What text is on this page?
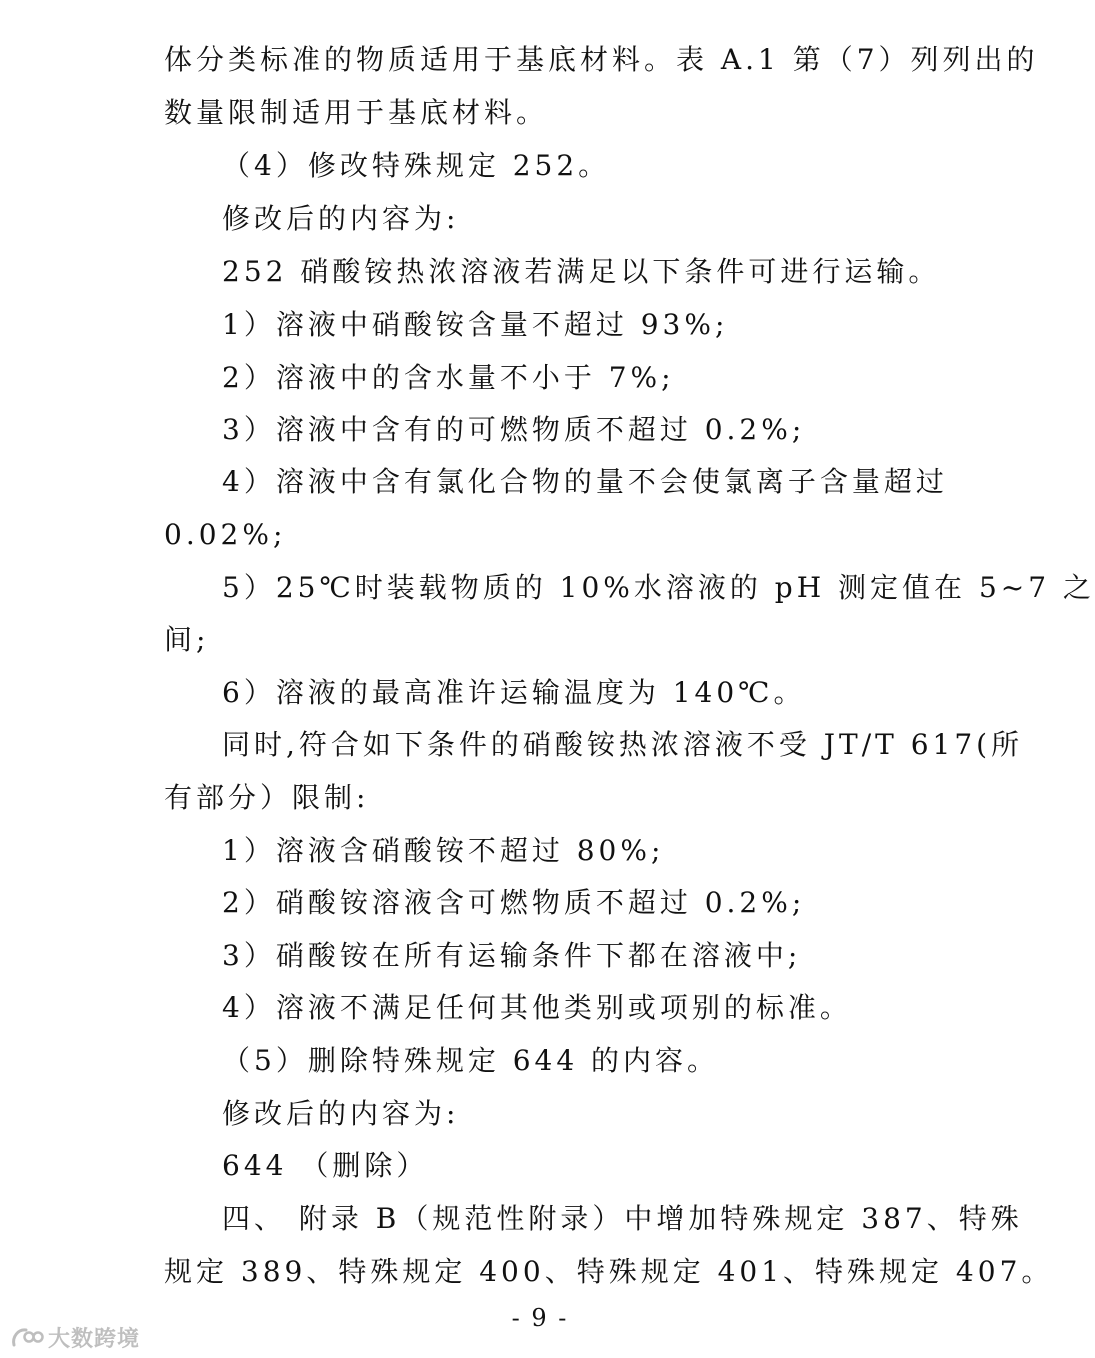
体分类标准的物质适用于基底材料。表 A.1 第（7）列列出的
数量限制适用于基底材料。
（4）修改特殊规定 252。
修改后的内容为:
252 硝酸铵热浓溶液若满足以下条件可进行运输。
1）溶液中硝酸铵含量不超过 93%;
2）溶液中的含水量不小于 7%;
3）溶液中含有的可燃物质不超过 0.2%;
4）溶液中含有氯化合物的量不会使氯离子含量超过
0.02%;
5）25℃时装载物质的 10%水溶液的 pH 测定值在 5~7 之
间;
6）溶液的最高准许运输温度为 140℃。
同时,符合如下条件的硝酸铵热浓溶液不受 JT/T 617(所
有部分）限制:
1）溶液含硝酸铵不超过 80%;
2）硝酸铵溶液含可燃物质不超过 0.2%;
3）硝酸铵在所有运输条件下都在溶液中;
4）溶液不满足任何其他类别或项别的标准。
（5）删除特殊规定 644 的内容。
修改后的内容为:
644 （删除）
四、 附录 B（规范性附录）中增加特殊规定 387、特殊
规定 389、特殊规定 400、特殊规定 401、特殊规定 407。
- 9 -
大数跨境
